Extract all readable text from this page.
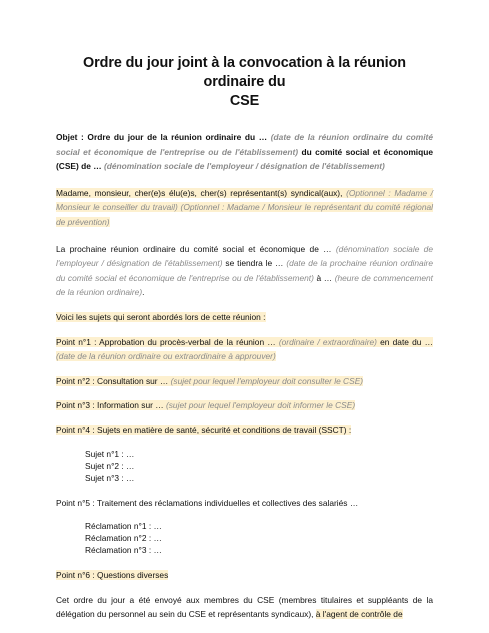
Ordre du jour joint à la convocation à la réunion ordinaire du
CSE

Objet : Ordre du jour de la réunion ordinaire du … (date de la réunion ordinaire du comité social et économique de l'entreprise ou de l'établissement) du comité social et économique (CSE) de … (dénomination sociale de l'employeur / désignation de l'établissement)

Madame, monsieur, cher(e)s élu(e)s, cher(s) représentant(s) syndical(aux), (Optionnel : Madame / Monsieur le conseiller du travail) (Optionnel : Madame / Monsieur le représentant du comité régional de prévention)

La prochaine réunion ordinaire du comité social et économique de … (dénomination sociale de l'employeur / désignation de l'établissement) se tiendra le … (date de la prochaine réunion ordinaire du comité social et économique de l'entreprise ou de l'établissement) à … (heure de commencement de la réunion ordinaire).

Voici les sujets qui seront abordés lors de cette réunion :

Point n°1 : Approbation du procès-verbal de la réunion … (ordinaire / extraordinaire) en date du … (date de la réunion ordinaire ou extraordinaire à approuver)

Point n°2 : Consultation sur … (sujet pour lequel l'employeur doit consulter le CSE)

Point n°3 : Information sur … (sujet pour lequel l'employeur doit informer le CSE)

Point n°4 : Sujets en matière de santé, sécurité et conditions de travail (SSCT) :

Sujet n°1 : …

Sujet n°2 : …

Sujet n°3 : …

Point n°5 : Traitement des réclamations individuelles et collectives des salariés …

Réclamation n°1 : …

Réclamation n°2 : …

Réclamation n°3 : …

Point n°6 : Questions diverses

Cet ordre du jour a été envoyé aux membres du CSE (membres titulaires et suppléants de la délégation du personnel au sein du CSE et représentants syndicaux), à l'agent de contrôle de
